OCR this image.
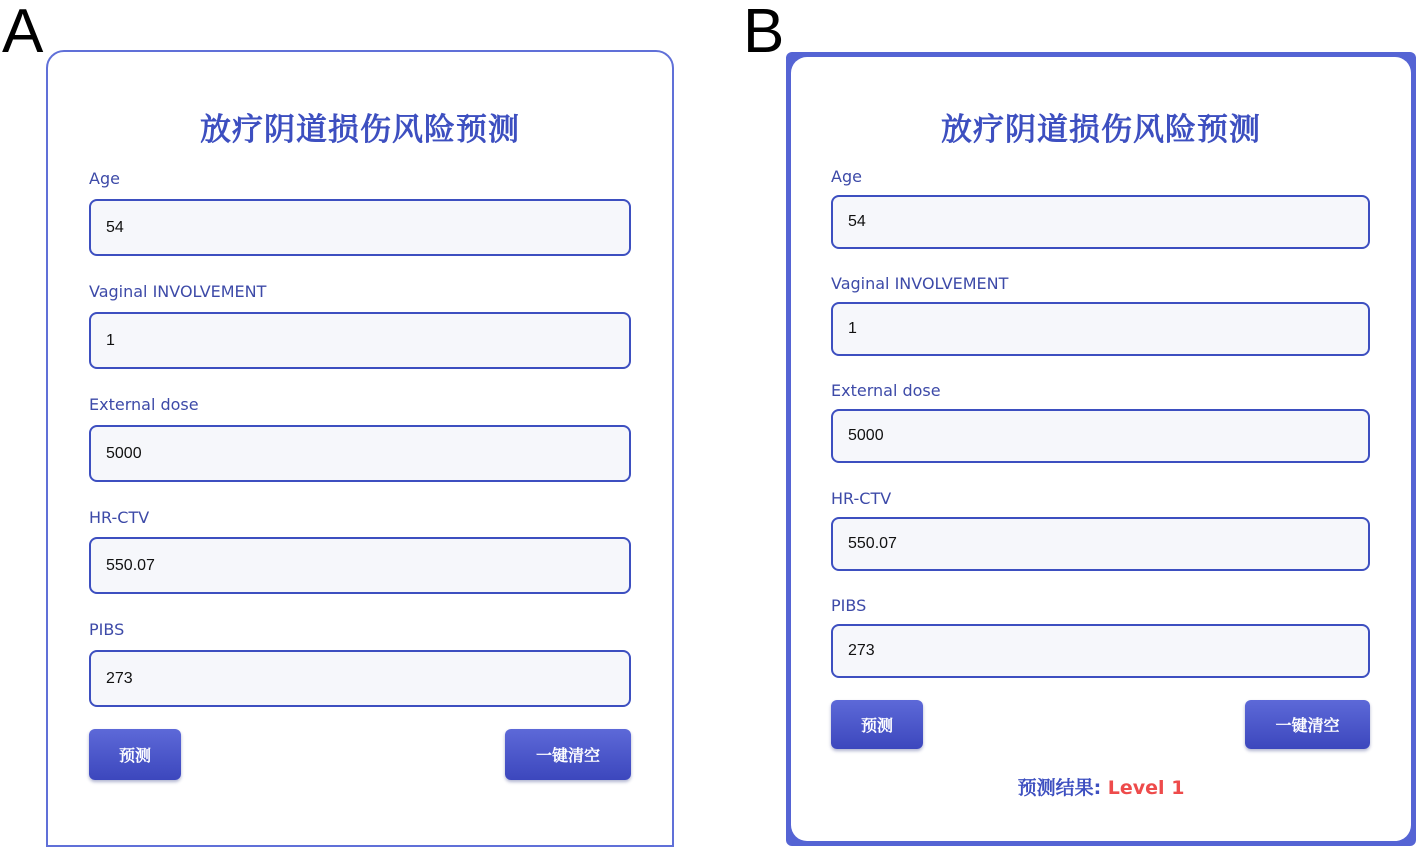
A
放疗阴道损伤风险预测
Age
54
Vaginal INVOLVEMENT
1
External dose
5000
HR-CTV
550.07
PIBS
273
预测	一键清空
B
放疗阴道损伤风险预测
Age
54
Vaginal INVOLVEMENT
1
External dose
5000
HR-CTV
550.07
PIBS
273
预测	一键清空
预测结果: Level 1
